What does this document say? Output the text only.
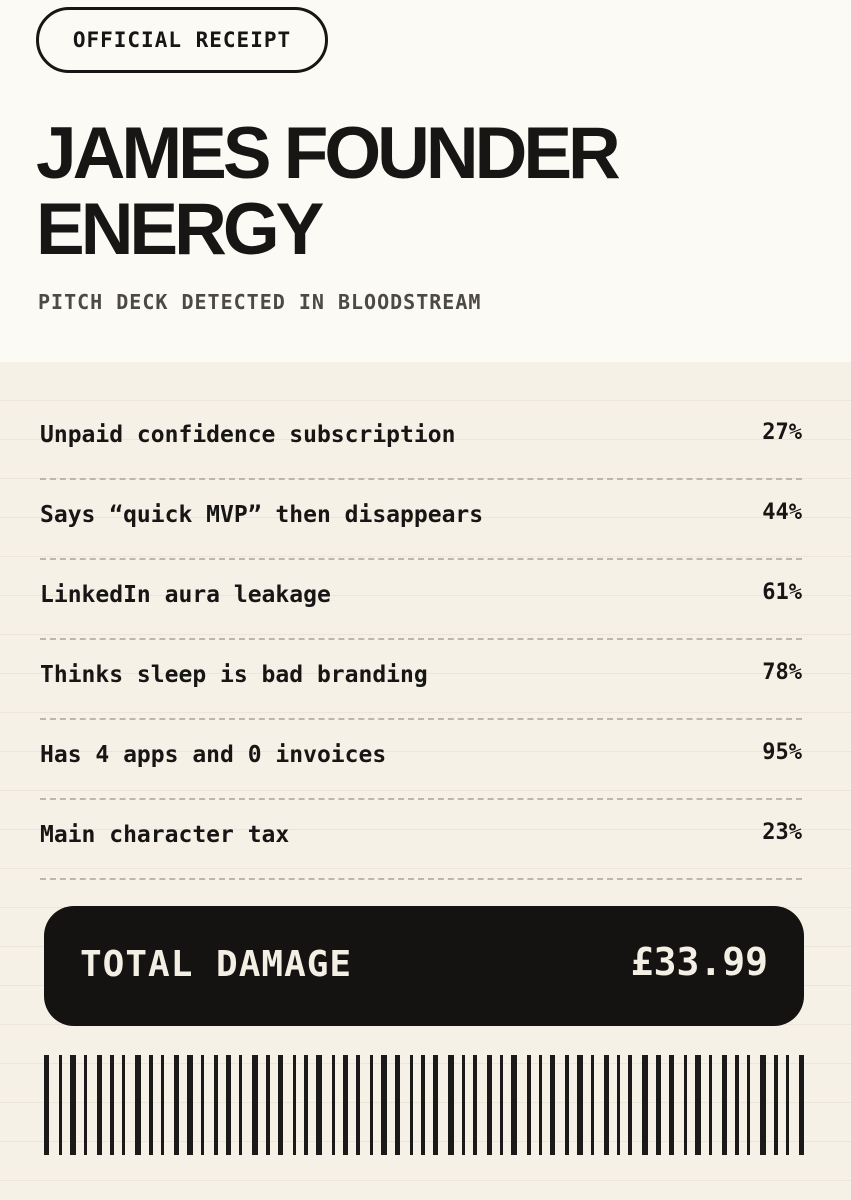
OFFICIAL RECEIPT
JAMES FOUNDER
ENERGY
PITCH DECK DETECTED IN BLOODSTREAM
Unpaid confidence subscription	27%
Says “quick MVP” then disappears	44%
LinkedIn aura leakage	61%
Thinks sleep is bad branding	78%
Has 4 apps and 0 invoices	95%
Main character tax	23%
TOTAL DAMAGE	£33.99
